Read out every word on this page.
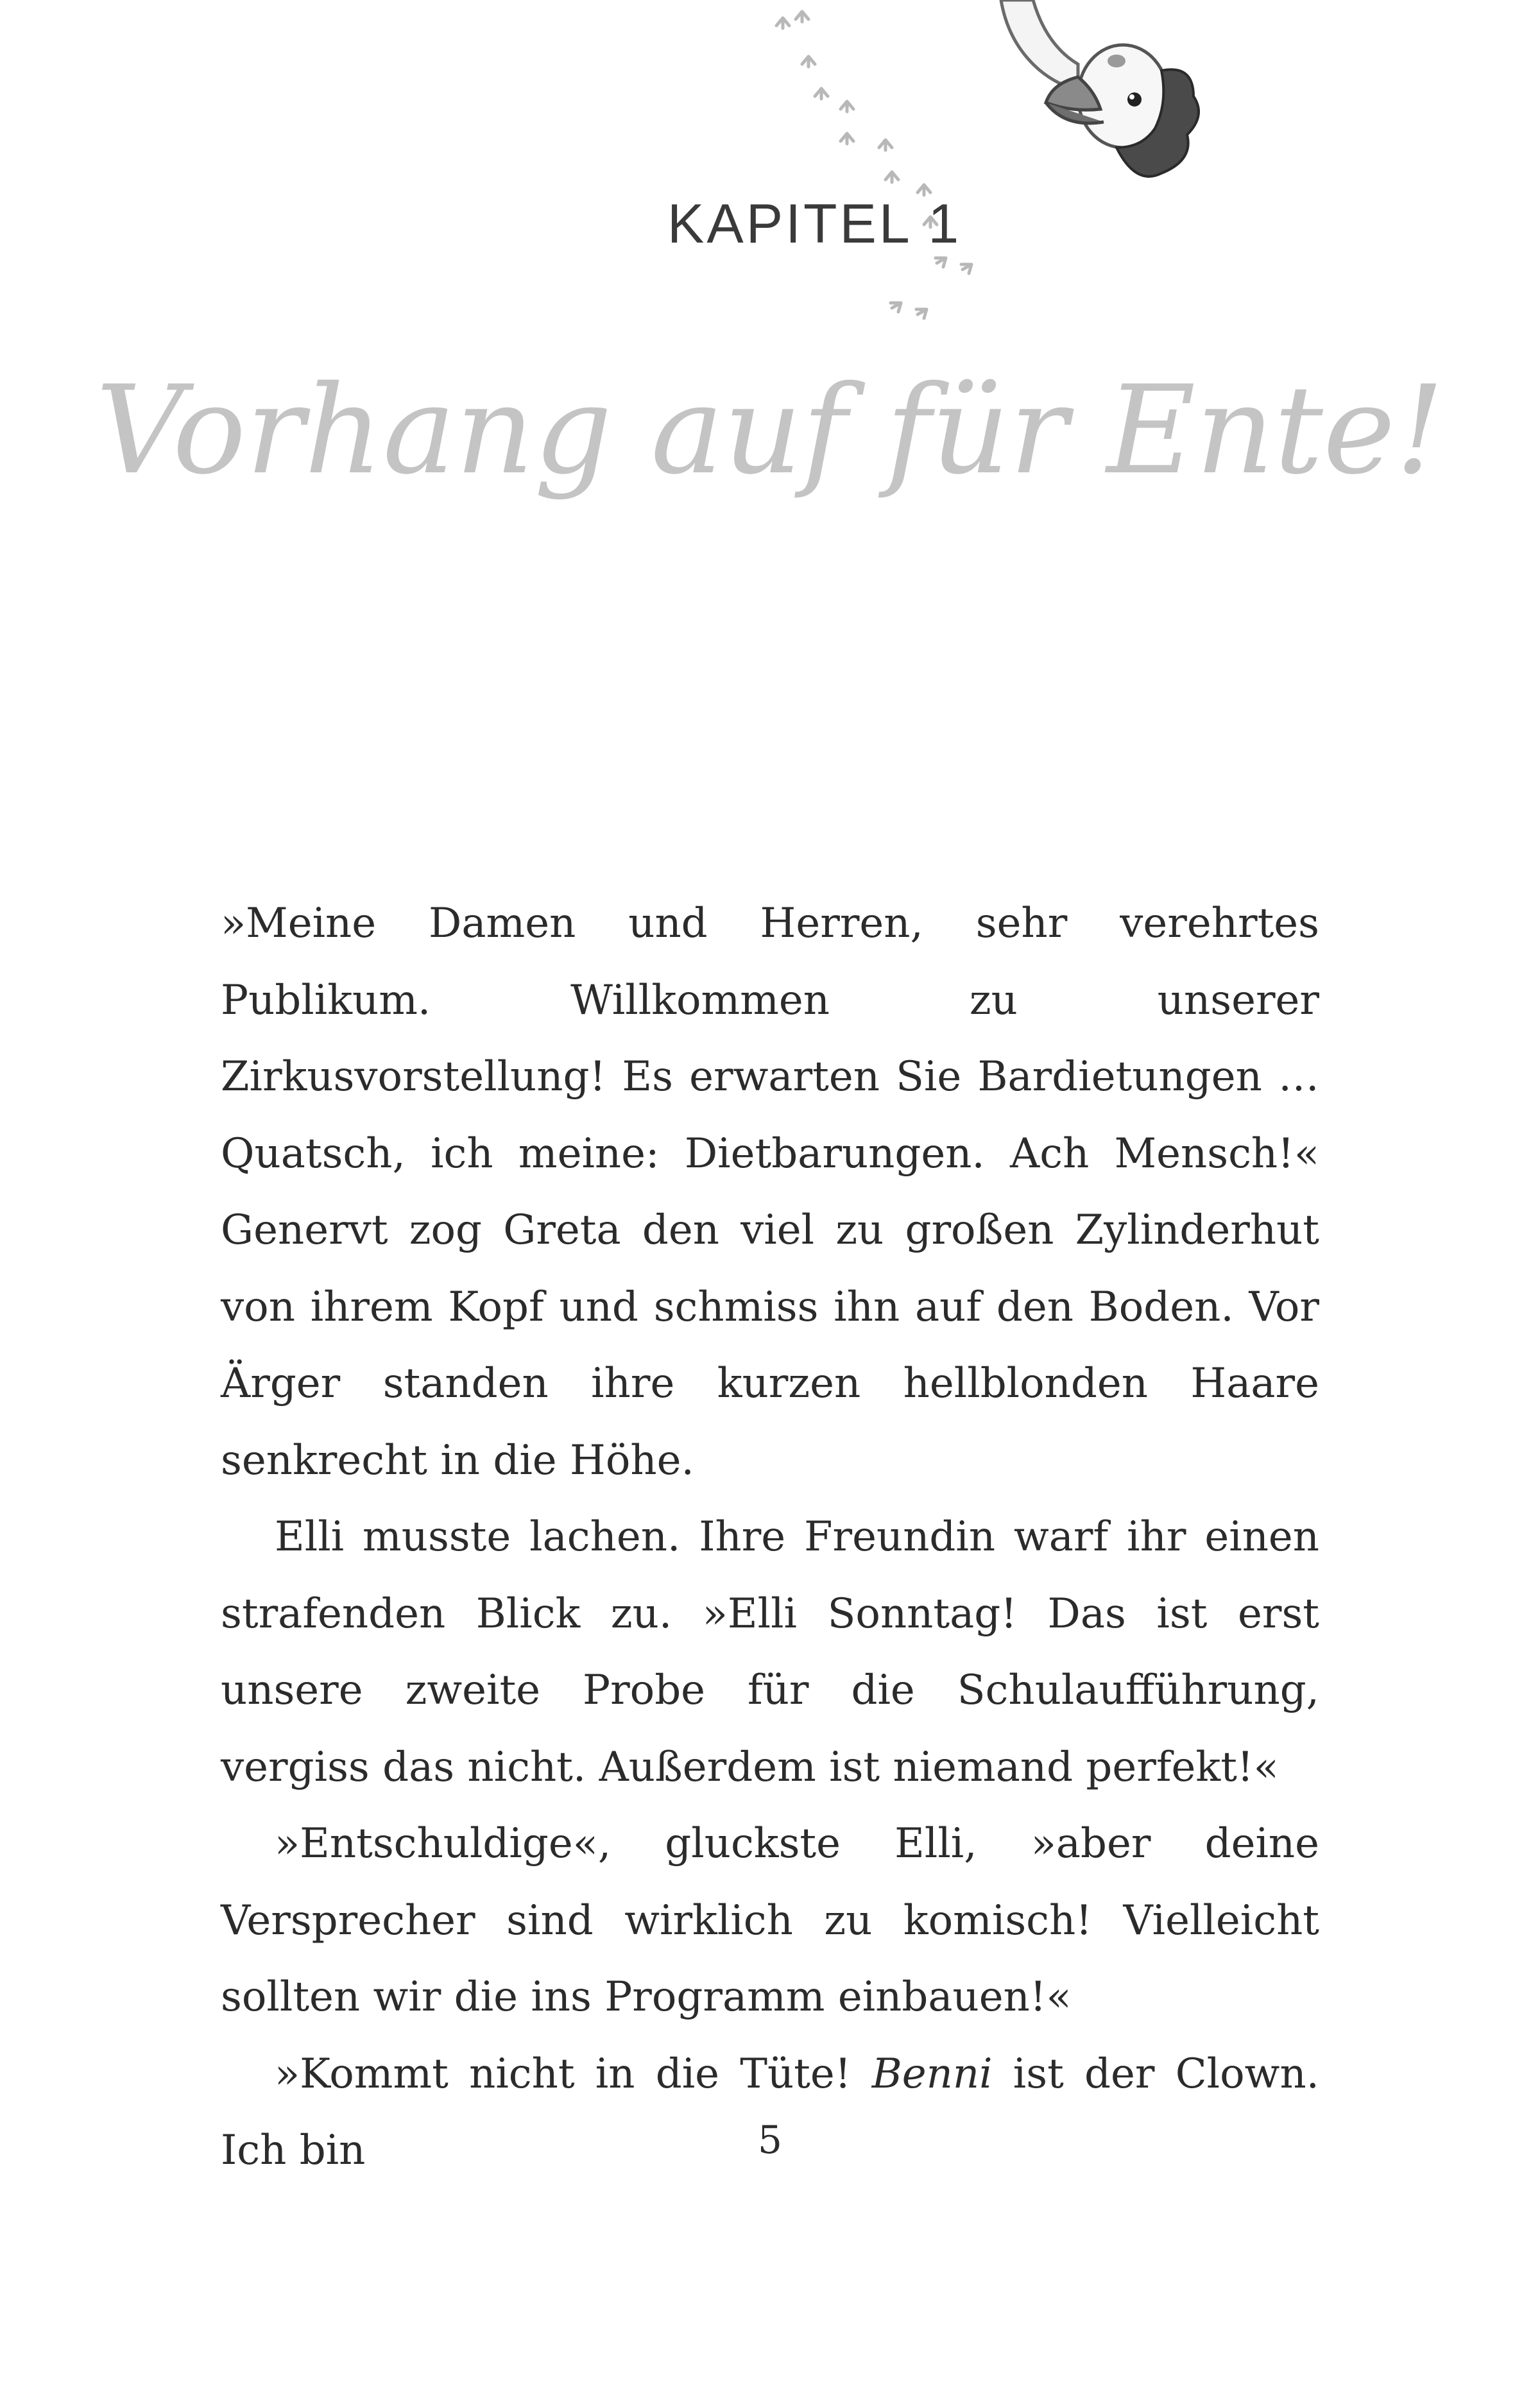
KAPITEL 1
Vorhang auf für Ente!

»Meine Damen und Herren, sehr verehrtes Publikum. Willkommen zu unserer Zirkusvorstellung! Es erwarten Sie Bardietungen … Quatsch, ich meine: Dietbarungen. Ach Mensch!« Genervt zog Greta den viel zu großen Zylinderhut von ihrem Kopf und schmiss ihn auf den Boden. Vor Ärger standen ihre kurzen hellblonden Haare senkrecht in die Höhe.

Elli musste lachen. Ihre Freundin warf ihr einen strafenden Blick zu. »Elli Sonntag! Das ist erst unsere zweite Probe für die Schulaufführung, vergiss das nicht. Außerdem ist niemand perfekt!«

»Entschuldige«, gluckste Elli, »aber deine Versprecher sind wirklich zu komisch! Vielleicht sollten wir die ins Programm einbauen!«

»Kommt nicht in die Tüte! Benni ist der Clown. Ich bin	5
